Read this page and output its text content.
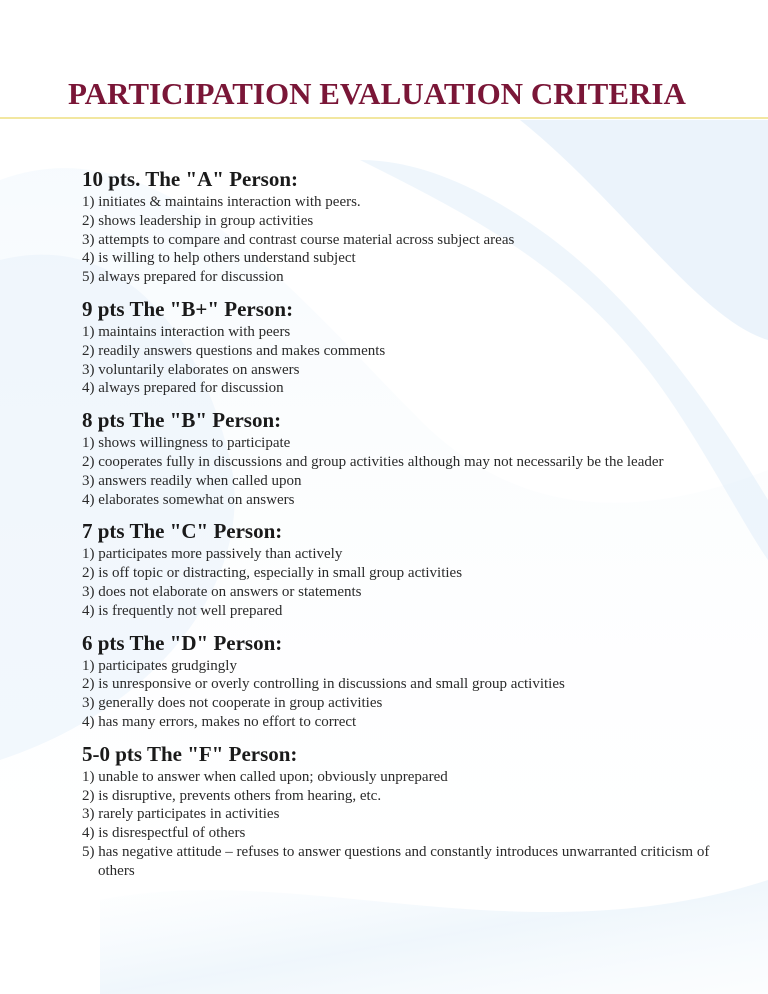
PARTICIPATION EVALUATION CRITERIA
10 pts. The "A" Person:
1) initiates & maintains interaction with peers.
2) shows leadership in group activities
3) attempts to compare and contrast course material across subject areas
4) is willing to help others understand subject
5) always prepared for discussion
9 pts The "B+" Person:
1) maintains interaction with peers
2) readily answers questions and makes comments
3) voluntarily elaborates on answers
4) always prepared for discussion
8 pts The "B" Person:
1) shows willingness to participate
2) cooperates fully in discussions and group activities although may not necessarily be the leader
3) answers readily when called upon
4) elaborates somewhat on answers
7 pts The "C" Person:
1) participates more passively than actively
2) is off topic or distracting, especially in small group activities
3) does not elaborate on answers or statements
4) is frequently not well prepared
6 pts The "D" Person:
1) participates grudgingly
2) is unresponsive or overly controlling in discussions and small group activities
3) generally does not cooperate in group activities
4) has many errors, makes no effort to correct
5-0 pts The "F" Person:
1) unable to answer when called upon; obviously unprepared
2) is disruptive, prevents others from hearing, etc.
3) rarely participates in activities
4) is disrespectful of others
5) has negative attitude – refuses to answer questions and constantly introduces unwarranted criticism of others
